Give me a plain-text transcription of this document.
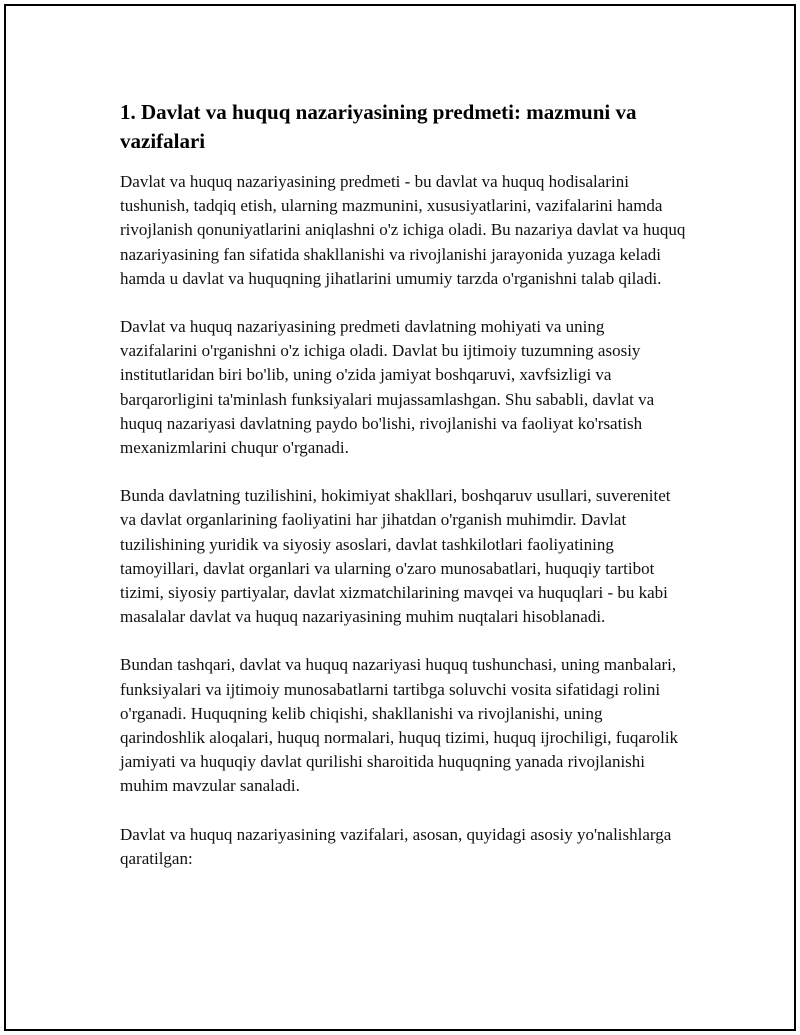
1. Davlat va huquq nazariyasining predmeti: mazmuni va vazifalari

Davlat va huquq nazariyasining predmeti - bu davlat va huquq hodisalarini tushunish, tadqiq etish, ularning mazmunini, xususiyatlarini, vazifalarini hamda rivojlanish qonuniyatlarini aniqlashni o'z ichiga oladi. Bu nazariya davlat va huquq nazariyasining fan sifatida shakllanishi va rivojlanishi jarayonida yuzaga keladi hamda u davlat va huquqning jihatlarini umumiy tarzda o'rganishni talab qiladi.

Davlat va huquq nazariyasining predmeti davlatning mohiyati va uning vazifalarini o'rganishni o'z ichiga oladi. Davlat bu ijtimoiy tuzumning asosiy institutlaridan biri bo'lib, uning o'zida jamiyat boshqaruvi, xavfsizligi va barqarorligini ta'minlash funksiyalari mujassamlashgan. Shu sababli, davlat va huquq nazariyasi davlatning paydo bo'lishi, rivojlanishi va faoliyat ko'rsatish mexanizmlarini chuqur o'rganadi.

Bunda davlatning tuzilishini, hokimiyat shakllari, boshqaruv usullari, suverenitet va davlat organlarining faoliyatini har jihatdan o'rganish muhimdir. Davlat tuzilishining yuridik va siyosiy asoslari, davlat tashkilotlari faoliyatining tamoyillari, davlat organlari va ularning o'zaro munosabatlari, huquqiy tartibot tizimi, siyosiy partiyalar, davlat xizmatchilarining mavqei va huquqlari - bu kabi masalalar davlat va huquq nazariyasining muhim nuqtalari hisoblanadi.

Bundan tashqari, davlat va huquq nazariyasi huquq tushunchasi, uning manbalari, funksiyalari va ijtimoiy munosabatlarni tartibga soluvchi vosita sifatidagi rolini o'rganadi. Huquqning kelib chiqishi, shakllanishi va rivojlanishi, uning qarindoshlik aloqalari, huquq normalari, huquq tizimi, huquq ijrochiligi, fuqarolik jamiyati va huquqiy davlat qurilishi sharoitida huquqning yanada rivojlanishi muhim mavzular sanaladi.

Davlat va huquq nazariyasining vazifalari, asosan, quyidagi asosiy yo'nalishlarga qaratilgan:
